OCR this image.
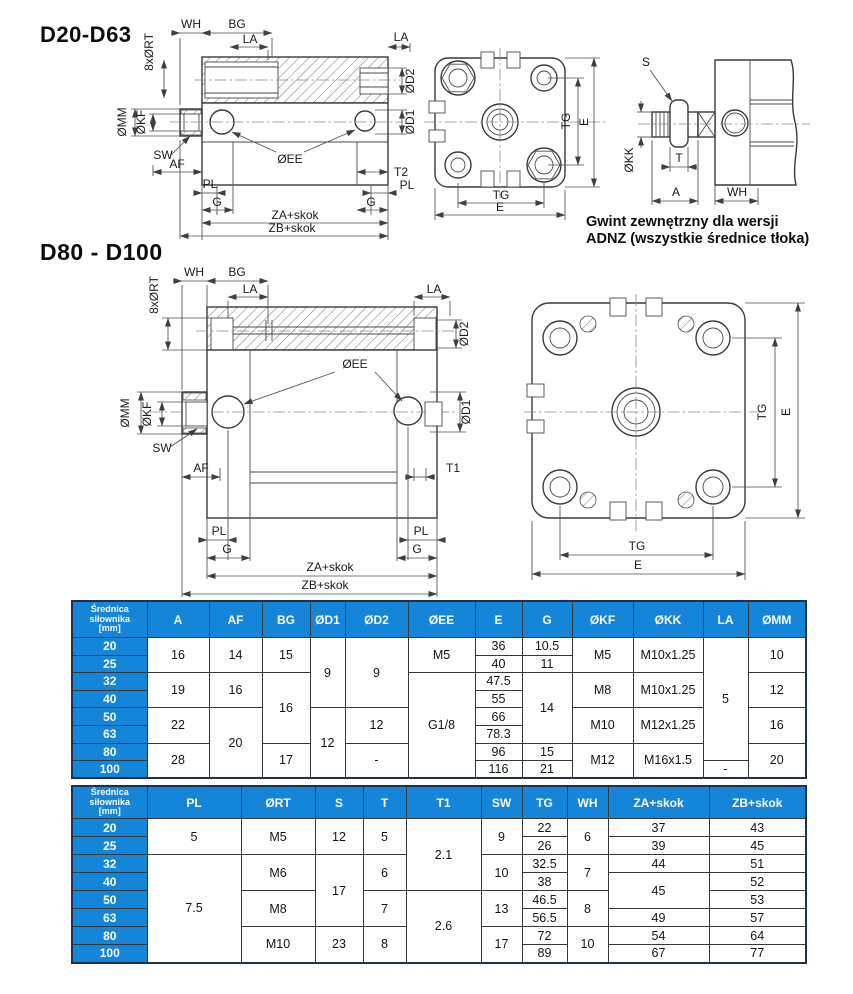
D20-D63
D80 - D100
Gwint zewnętrzny dla wersji
ADNZ (wszystkie średnice tłoka)
ØEE
WH BG
LA
8xØRT
ØD2
ØD1
ØMM ØKF
SW
AF
T2
PL
G
PL
G
LA
ZA+skok
ZB+skok
TG E
TG
E
S
ØKK	T
A	WH
ØEE
WH BG
LA	LA
8xØRT
ØD2
ØD1
ØMM ØKF
SW
AF	T1
PL
G
PL
G
ZA+skok
ZB+skok
TG E
TG
E
Średnica
siłownika
[mm]	A	AF	BG	ØD1	ØD2	ØEE	E	G	ØKF	ØKK	LA	ØMM
20	16	14	15	9	9	M5	36	10.5	M5	M10x1.25	5	10
25							40	11				
32	19	16	16			G1/8	47.5	14	M8	M10x1.25		12
40							55					
50	22	20		12	12		66		M10	M12x1.25		16
63							78.3					
80	28		17		-		96	15	M12	M16x1.5		20
100							116	21			-	
Średnica
siłownika
[mm]	PL	ØRT	S	T	T1	SW	TG	WH	ZA+skok	ZB+skok
20	5	M5	12	5	2.1	9	22	6	37	43
25							26		39	45
32	7.5	M6	17	6		10	32.5	7	44	51
40							38		45	52
50		M8		7	2.6	13	46.5	8		53
63							56.5		49	57
80		M10	23	8		17	72	10	54	64
100							89		67	77
